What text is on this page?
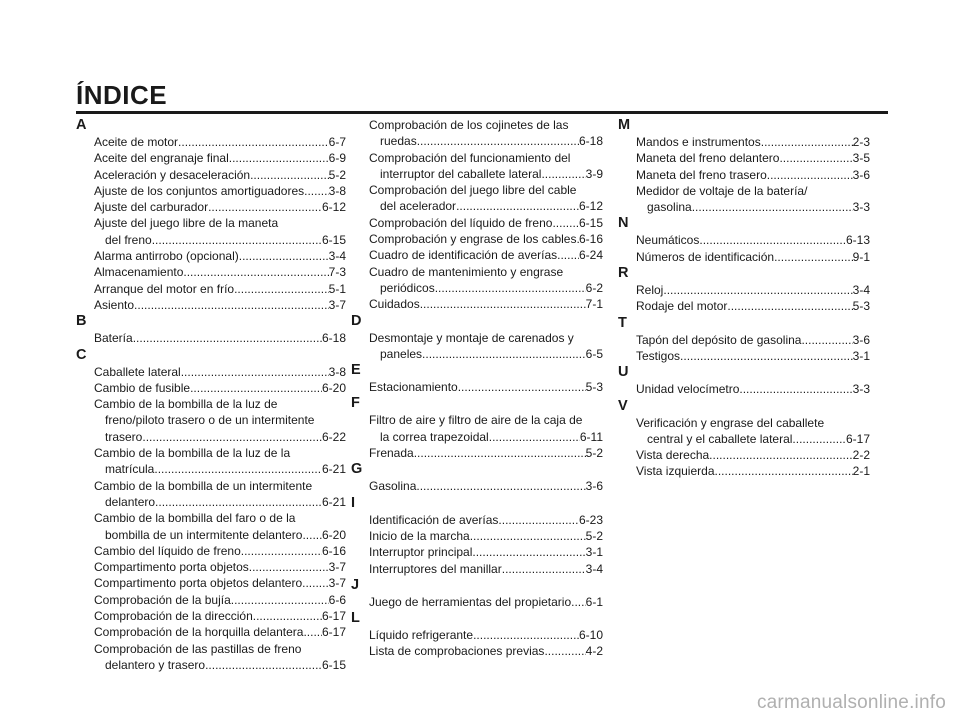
ÍNDICE
A
Aceite de motor .....	6-7
Aceite del engranaje final .....	6-9
Aceleración y desaceleración .....	5-2
Ajuste de los conjuntos amortiguadores ..... 3-8
Ajuste del carburador .....	6-12
Ajuste del juego libre de la maneta
del freno .....	6-15
Alarma antirrobo (opcional) .....	3-4
Almacenamiento .....	7-3
Arranque del motor en frío .....	5-1
Asiento .....	3-7
B
Batería .....	6-18
C
Caballete lateral .....	3-8
Cambio de fusible .....	6-20
Cambio de la bombilla de la luz de
freno/piloto trasero o de un intermitente
trasero .....	6-22
Cambio de la bombilla de la luz de la
matrícula .....	6-21
Cambio de la bombilla de un intermitente
delantero .....	6-21
Cambio de la bombilla del faro o de la
bombilla de un intermitente delantero ..... 6-20
Cambio del líquido de freno .....	6-16
Compartimento porta objetos .....	3-7
Compartimento porta objetos delantero ..... 3-7
Comprobación de la bujía .....	6-6
Comprobación de la dirección .....	6-17
Comprobación de la horquilla delantera ..... 6-17
Comprobación de las pastillas de freno
delantero y trasero .....	6-15
Comprobación de los cojinetes de las
ruedas .....	6-18
Comprobación del funcionamiento del
interruptor del caballete lateral .....	3-9
Comprobación del juego libre del cable
del acelerador .....	6-12
Comprobación del líquido de freno ..... 6-15
Comprobación y engrase de los cables ..... 6-16
Cuadro de identificación de averías ..... 6-24
Cuadro de mantenimiento y engrase
periódicos .....	6-2
Cuidados .....	7-1
D
Desmontaje y montaje de carenados y
paneles .....	6-5
E
Estacionamiento .....	5-3
F
Filtro de aire y filtro de aire de la caja de
la correa trapezoidal .....	6-11
Frenada .....	5-2
G
Gasolina .....	3-6
I
Identificación de averías .....	6-23
Inicio de la marcha .....	5-2
Interruptor principal .....	3-1
Interruptores del manillar .....	3-4
J
Juego de herramientas del propietario ..... 6-1
L
Líquido refrigerante .....	6-10
Lista de comprobaciones previas .....	4-2
M
Mandos e instrumentos .....	2-3
Maneta del freno delantero .....	3-5
Maneta del freno trasero .....	3-6
Medidor de voltaje de la batería/
gasolina .....	3-3
N
Neumáticos .....	6-13
Números de identificación .....	9-1
R
Reloj .....	3-4
Rodaje del motor .....	5-3
T
Tapón del depósito de gasolina .....	3-6
Testigos .....	3-1
U
Unidad velocímetro .....	3-3
V
Verificación y engrase del caballete
central y el caballete lateral .....	6-17
Vista derecha .....	2-2
Vista izquierda .....	2-1
carmanualsonline.info
